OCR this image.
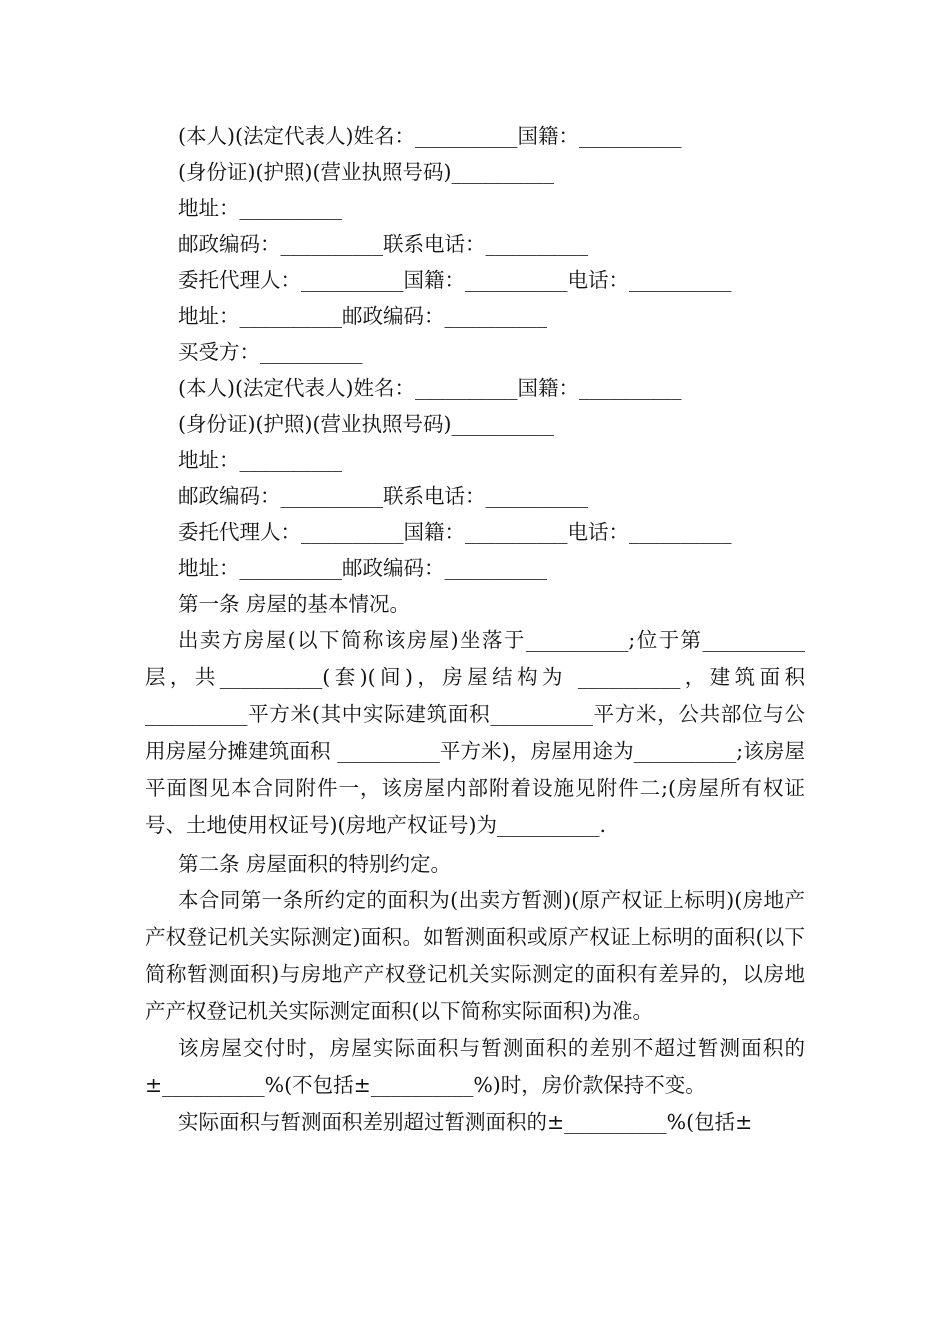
(本人)(法定代表人)姓名：__________国籍：__________
(身份证)(护照)(营业执照号码)__________
地址：__________
邮政编码：__________联系电话：__________
委托代理人：__________国籍：__________电话：__________
地址：__________邮政编码：__________
买受方：__________
(本人)(法定代表人)姓名：__________国籍：__________
(身份证)(护照)(营业执照号码)__________
地址：__________
邮政编码：__________联系电话：__________
委托代理人：__________国籍：__________电话：__________
地址：__________邮政编码：__________
第一条 房屋的基本情况。

出卖方房屋(以下简称该房屋)坐落于__________;位于第__________层，共__________(套)(间)，房屋结构为 __________，建筑面积__________平方米(其中实际建筑面积__________平方米，公共部位与公用房屋分摊建筑面积 __________平方米)，房屋用途为__________;该房屋平面图见本合同附件一，该房屋内部附着设施见附件二;(房屋所有权证号、土地使用权证号)(房地产权证号)为__________.

第二条 房屋面积的特别约定。

本合同第一条所约定的面积为(出卖方暂测)(原产权证上标明)(房地产产权登记机关实际测定)面积。如暂测面积或原产权证上标明的面积(以下简称暂测面积)与房地产产权登记机关实际测定的面积有差异的，以房地产产权登记机关实际测定面积(以下简称实际面积)为准。

该房屋交付时，房屋实际面积与暂测面积的差别不超过暂测面积的±__________%(不包括±__________%)时，房价款保持不变。

实际面积与暂测面积差别超过暂测面积的±__________%(包括±
